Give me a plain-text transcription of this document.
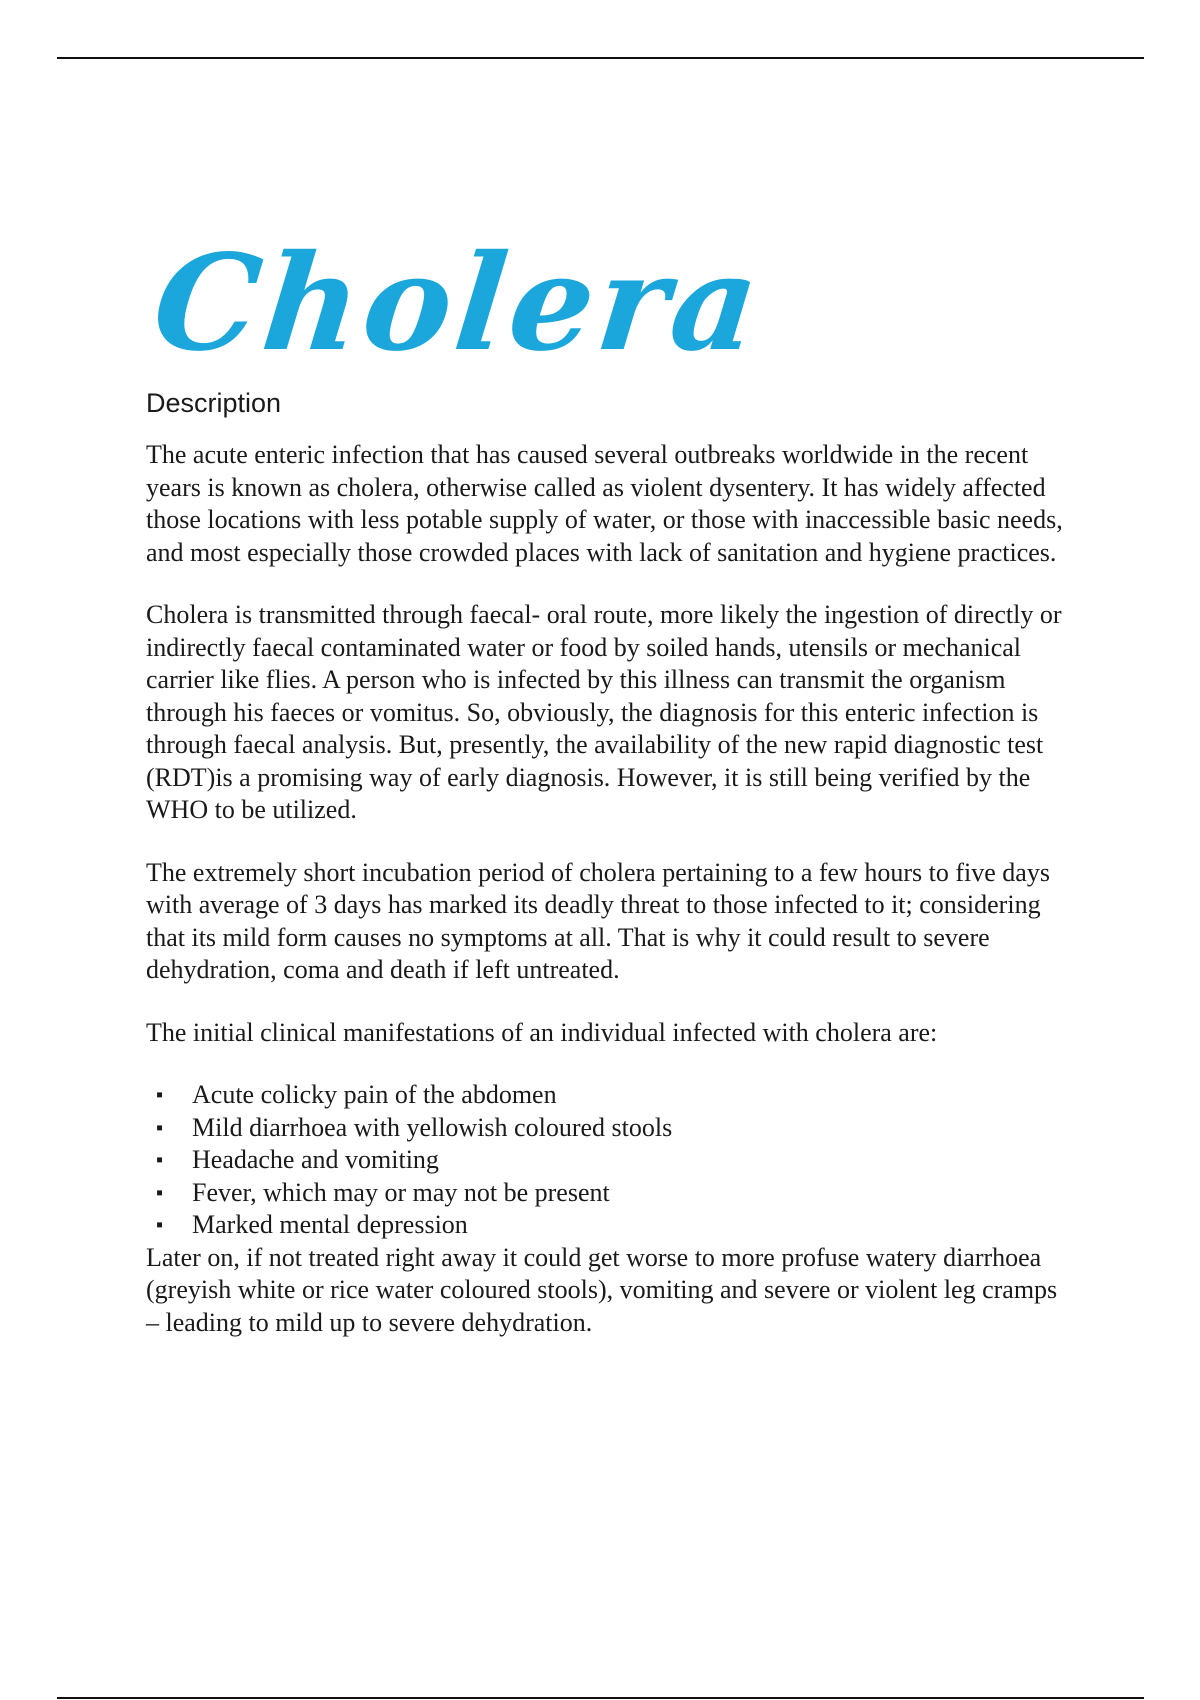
Cholera
Description

The acute enteric infection that has caused several outbreaks worldwide in the recent years is known as cholera, otherwise called as violent dysentery. It has widely affected those locations with less potable supply of water, or those with inaccessible basic needs, and most especially those crowded places with lack of sanitation and hygiene practices.

Cholera is transmitted through faecal- oral route, more likely the ingestion of directly or indirectly faecal contaminated water or food by soiled hands, utensils or mechanical carrier like flies. A person who is infected by this illness can transmit the organism through his faeces or vomitus. So, obviously, the diagnosis for this enteric infection is through faecal analysis. But, presently, the availability of the new rapid diagnostic test (RDT)is a promising way of early diagnosis. However, it is still being verified by the WHO to be utilized.

The extremely short incubation period of cholera pertaining to a few hours to five days with average of 3 days has marked its deadly threat to those infected to it; considering that its mild form causes no symptoms at all. That is why it could result to severe dehydration, coma and death if left untreated.

The initial clinical manifestations of an individual infected with cholera are:

▪ Acute colicky pain of the abdomen
▪ Mild diarrhoea with yellowish coloured stools
▪ Headache and vomiting
▪ Fever, which may or may not be present
▪ Marked mental depression

Later on, if not treated right away it could get worse to more profuse watery diarrhoea (greyish white or rice water coloured stools), vomiting and severe or violent leg cramps – leading to mild up to severe dehydration.
